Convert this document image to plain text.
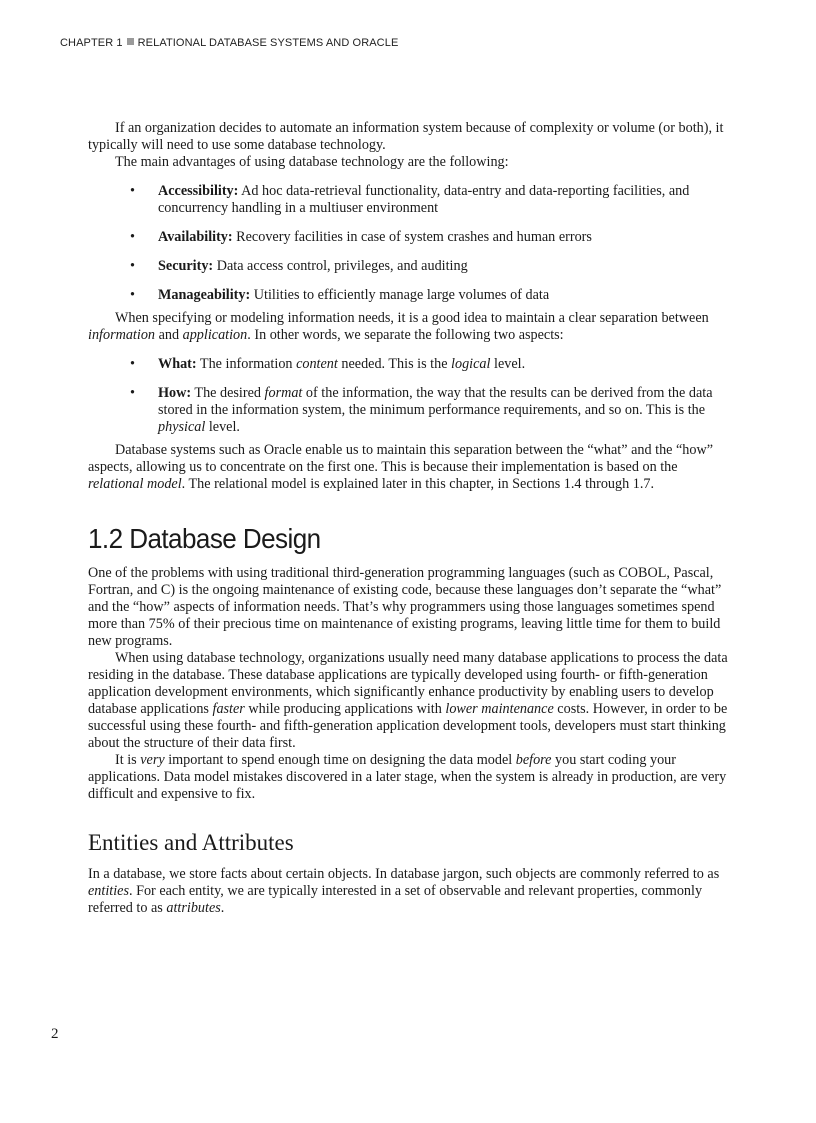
CHAPTER 1 RELATIONAL DATABASE SYSTEMS AND ORACLE

If an organization decides to automate an information system because of complexity or volume (or both), it typically will need to use some database technology.

The main advantages of using database technology are the following:

• Accessibility: Ad hoc data-retrieval functionality, data-entry and data-reporting facilities, and concurrency handling in a multiuser environment
• Availability: Recovery facilities in case of system crashes and human errors
• Security: Data access control, privileges, and auditing
• Manageability: Utilities to efficiently manage large volumes of data

When specifying or modeling information needs, it is a good idea to maintain a clear separation between information and application. In other words, we separate the following two aspects:

• What: The information content needed. This is the logical level.
• How: The desired format of the information, the way that the results can be derived from the data stored in the information system, the minimum performance requirements, and so on. This is the physical level.

Database systems such as Oracle enable us to maintain this separation between the “what” and the “how” aspects, allowing us to concentrate on the first one. This is because their implementation is based on the relational model. The relational model is explained later in this chapter, in Sections 1.4 through 1.7.

1.2 Database Design

One of the problems with using traditional third-generation programming languages (such as COBOL, Pascal, Fortran, and C) is the ongoing maintenance of existing code, because these languages don’t separate the “what” and the “how” aspects of information needs. That’s why programmers using those languages sometimes spend more than 75% of their precious time on maintenance of existing programs, leaving little time for them to build new programs.

When using database technology, organizations usually need many database applications to process the data residing in the database. These database applications are typically developed using fourth- or fifth-generation application development environments, which significantly enhance productivity by enabling users to develop database applications faster while producing applications with lower maintenance costs. However, in order to be successful using these fourth- and fifth-generation application development tools, developers must start thinking about the structure of their data first.

It is very important to spend enough time on designing the data model before you start coding your applications. Data model mistakes discovered in a later stage, when the system is already in production, are very difficult and expensive to fix.

Entities and Attributes

In a database, we store facts about certain objects. In database jargon, such objects are commonly referred to as entities. For each entity, we are typically interested in a set of observable and relevant properties, commonly referred to as attributes.

2
